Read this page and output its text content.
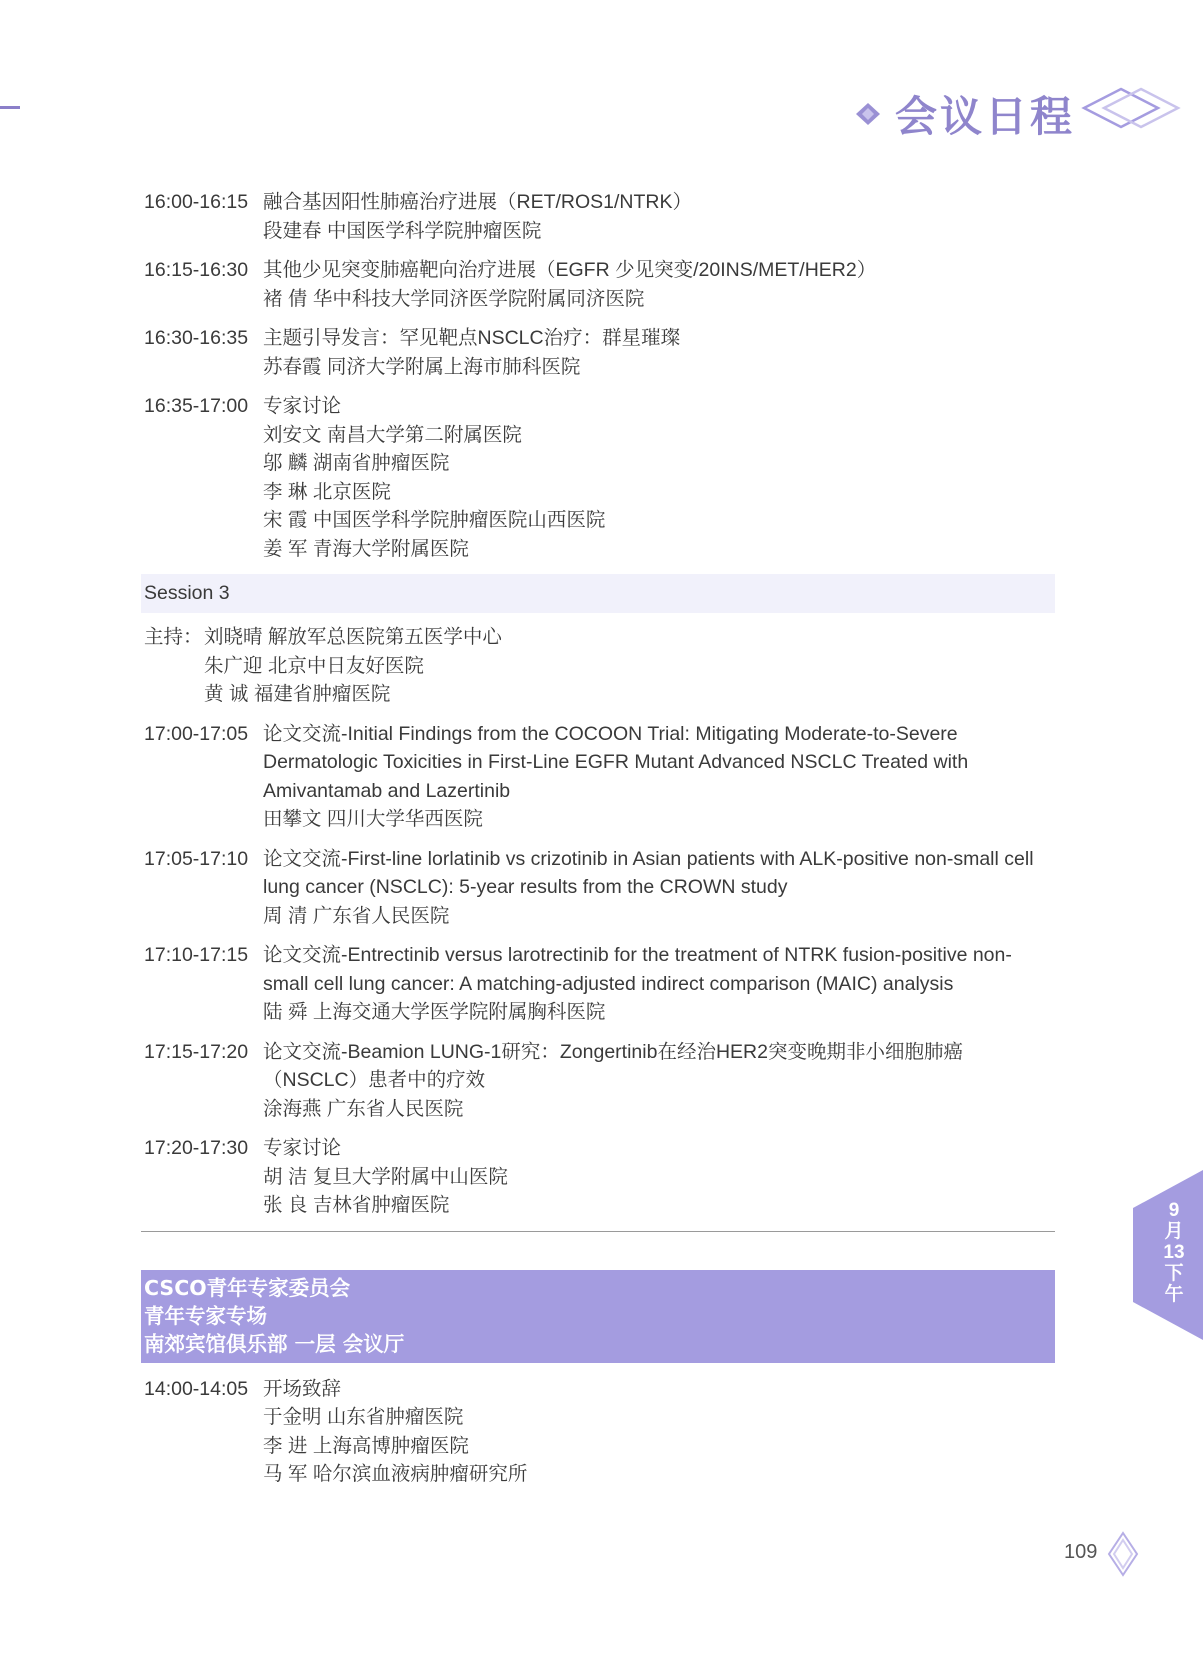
会议日程
16:00-16:15 融合基因阳性肺癌治疗进展（RET/ROS1/NTRK）
段建春 中国医学科学院肿瘤医院
16:15-16:30 其他少见突变肺癌靶向治疗进展（EGFR 少见突变/20INS/MET/HER2）
褚 倩 华中科技大学同济医学院附属同济医院
16:30-16:35 主题引导发言：罕见靶点NSCLC治疗：群星璀璨
苏春霞 同济大学附属上海市肺科医院
16:35-17:00 专家讨论
刘安文 南昌大学第二附属医院
邬 麟 湖南省肿瘤医院
李 琳 北京医院
宋 霞 中国医学科学院肿瘤医院山西医院
姜 军 青海大学附属医院
Session 3
主持： 刘晓晴 解放军总医院第五医学中心
朱广迎 北京中日友好医院
黄 诚 福建省肿瘤医院
17:00-17:05 论文交流-Initial Findings from the COCOON Trial: Mitigating Moderate-to-Severe Dermatologic Toxicities in First-Line EGFR Mutant Advanced NSCLC Treated with Amivantamab and Lazertinib
田攀文 四川大学华西医院
17:05-17:10 论文交流-First-line lorlatinib vs crizotinib in Asian patients with ALK-positive non-small cell lung cancer (NSCLC): 5-year results from the CROWN study
周 清 广东省人民医院
17:10-17:15 论文交流-Entrectinib versus larotrectinib for the treatment of NTRK fusion-positive non-small cell lung cancer: A matching-adjusted indirect comparison (MAIC) analysis
陆 舜 上海交通大学医学院附属胸科医院
17:15-17:20 论文交流-Beamion LUNG-1研究：Zongertinib在经治HER2突变晚期非小细胞肺癌（NSCLC）患者中的疗效
涂海燕 广东省人民医院
17:20-17:30 专家讨论
胡 洁 复旦大学附属中山医院
张 良 吉林省肿瘤医院
CSCO青年专家委员会
青年专家专场
南郊宾馆俱乐部 一层 会议厅
14:00-14:05 开场致辞
于金明 山东省肿瘤医院
李 进 上海高博肿瘤医院
马 军 哈尔滨血液病肿瘤研究所
9
月
13
下
午
109
